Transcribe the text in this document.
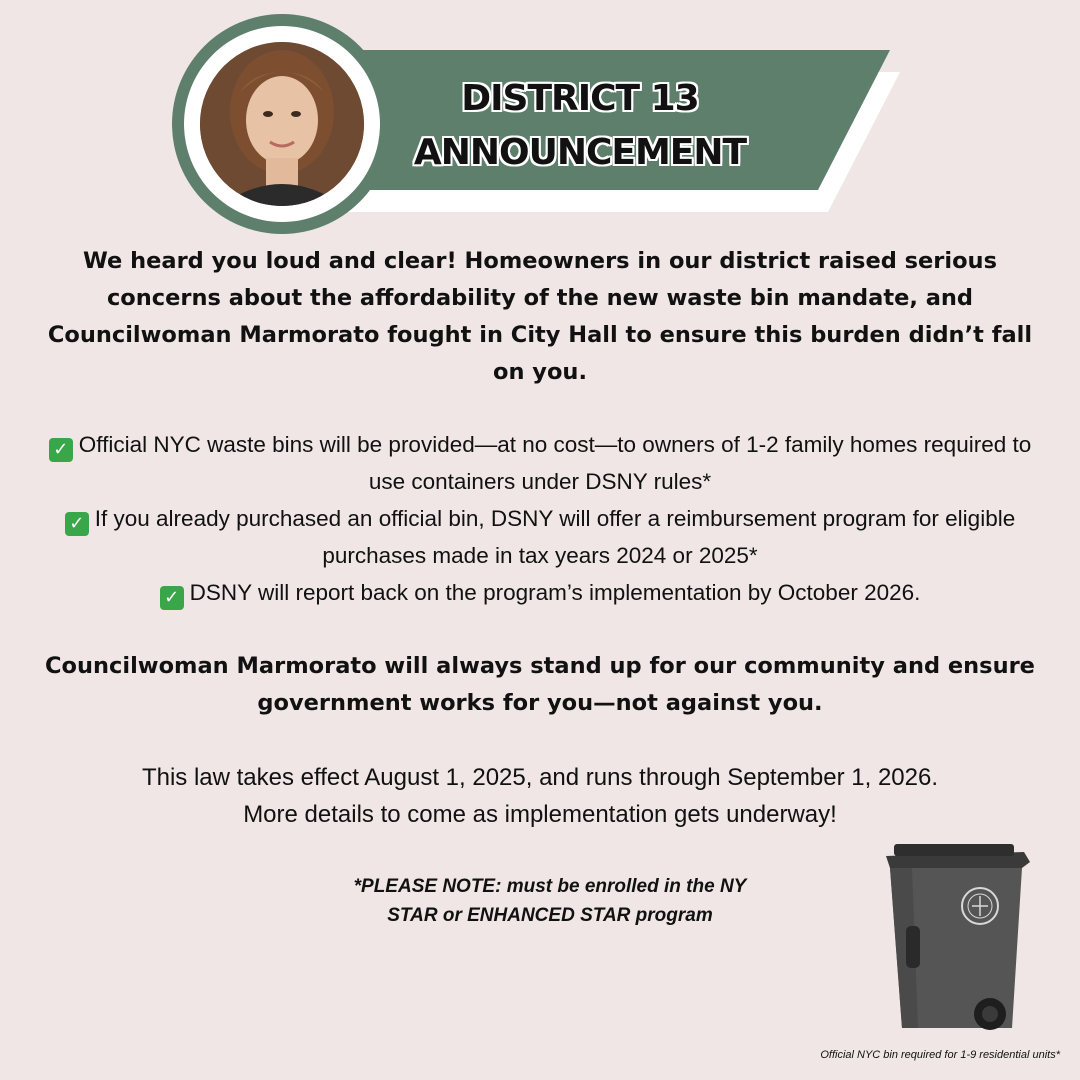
DISTRICT 13
ANNOUNCEMENT
We heard you loud and clear! Homeowners in our district raised serious concerns about the affordability of the new waste bin mandate, and Councilwoman Marmorato fought in City Hall to ensure this burden didn’t fall on you.
✓ Official NYC waste bins will be provided—at no cost—to owners of 1-2 family homes required to use containers under DSNY rules*
✓ If you already purchased an official bin, DSNY will offer a reimbursement program for eligible purchases made in tax years 2024 or 2025*
✓ DSNY will report back on the program’s implementation by October 2026.
Councilwoman Marmorato will always stand up for our community and ensure government works for you—not against you.
This law takes effect August 1, 2025, and runs through September 1, 2026.
More details to come as implementation gets underway!
*PLEASE NOTE: must be enrolled in the NY
STAR or ENHANCED STAR program
Official NYC bin required for 1-9 residential units*
